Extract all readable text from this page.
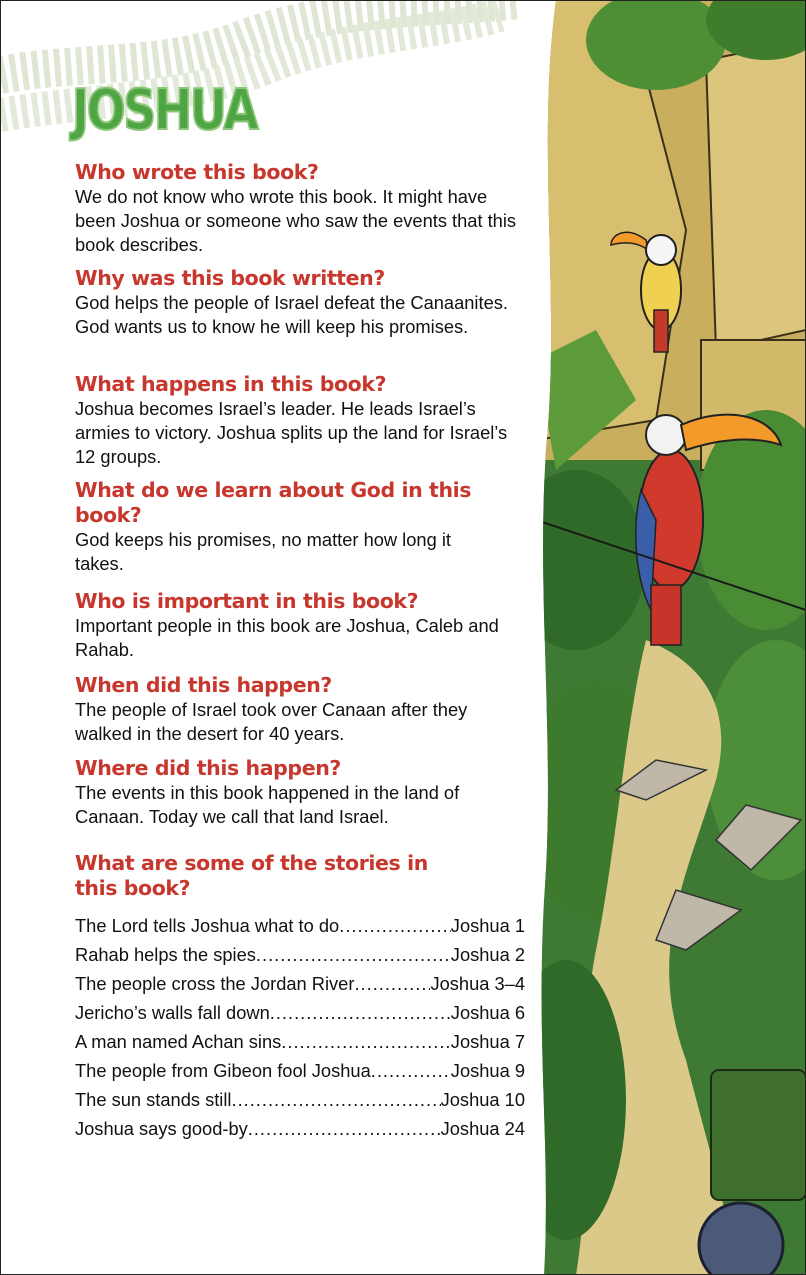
JOSHUA
Who wrote this book?

We do not know who wrote this book. It might have been Joshua or someone who saw the events that this book describes.

Why was this book written?

God helps the people of Israel defeat the Canaanites. God wants us to know he will keep his promises.

What happens in this book?

Joshua becomes Israel’s leader. He leads Israel’s armies to victory. Joshua splits up the land for Israel’s 12 groups.

What do we learn about God in this book?

God keeps his promises, no matter how long it takes.

Who is important in this book?

Important people in this book are Joshua, Caleb and Rahab.

When did this happen?

The people of Israel took over Canaan after they walked in the desert for 40 years.

Where did this happen?

The events in this book happened in the land of Canaan. Today we call that land Israel.

What are some of the stories in this book?
The Lord tells Joshua what to do .....	Joshua 1
Rahab helps the spies .....	Joshua 2
The people cross the Jordan River .....	Joshua 3–4
Jericho’s walls fall down .....	Joshua 6
A man named Achan sins .....	Joshua 7
The people from Gibeon fool Joshua .....	Joshua 9
The sun stands still .....	Joshua 10
Joshua says good-by .....	Joshua 24
